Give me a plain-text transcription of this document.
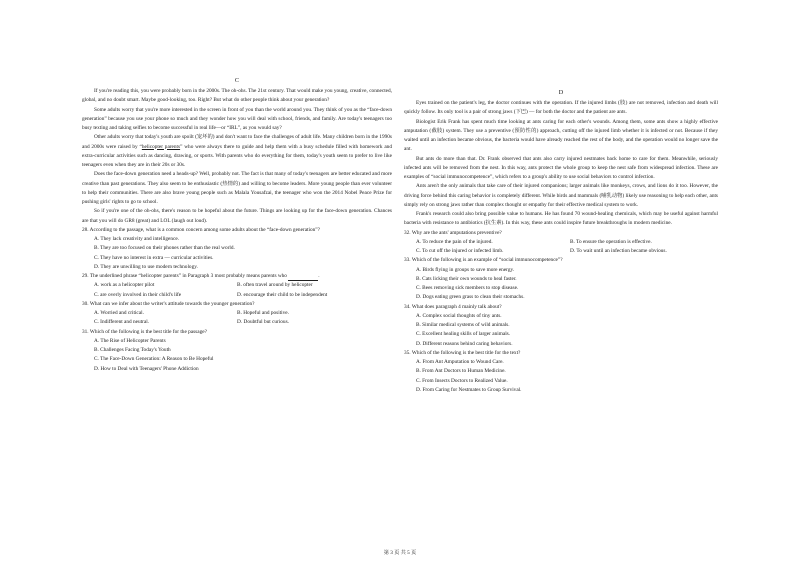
C

If you're reading this, you were probably born in the 2000s. The oh-ohs. The 21st century. That would make you young, creative, connected, global, and no doubt smart. Maybe good-looking, too. Right? But what do other people think about your generation?

Some adults worry that you're more interested in the screen in front of you than the world around you. They think of you as the “face-down generation” because you use your phone so much and they wonder how you will deal with school, friends, and family. Are today's teenagers too busy texting and taking selfies to become successful in real life—or “IRL”, as you would say?

Other adults worry that today's youth are spoilt (宠坏的) and don't want to face the challenges of adult life. Many children born in the 1990s and 2000s were raised by “helicopter parents” who were always there to guide and help them with a busy schedule filled with homework and extra-curricular activities such as dancing, drawing, or sports. With parents who do everything for them, today's youth seem to prefer to live like teenagers even when they are in their 20s or 30s.

Does the face-down generation need a heads-up? Well, probably not. The fact is that many of today's teenagers are better educated and more creative than past generations. They also seem to be enthusiastic (热情的) and willing to become leaders. More young people than ever volunteer to help their communities. There are also brave young people such as Malala Yousafzai, the teenager who won the 2014 Nobel Peace Prize for pushing girls' rights to go to school.

So if you're one of the oh-ohs, there's reason to be hopeful about the future. Things are looking up for the face-down generation. Chances are that you will do GR8 (great) and LOL (laugh out loud).

28. According to the passage, what is a common concern among some adults about the “face-down generation”?
A. They lack creativity and intelligence.
B. They are too focused on their phones rather than the real world.
C. They have no interest in extra — curricular activities.
D. They are unwilling to use modern technology.
29. The underlined phrase “helicopter parents” in Paragraph 3 most probably means parents who	.
A. work as a helicopter pilot	B. often travel around by helicopter
C. are overly involved in their child's life	D. encourage their child to be independent
30. What can we infer about the writer's attitude towards the younger generation?
A. Worried and critical.	B. Hopeful and positive.
C. Indifferent and neutral.	D. Doubtful but curious.
31. Which of the following is the best title for the passage?
A. The Rise of Helicopter Parents
B. Challenges Facing Today's Youth
C. The Face-Down Generation: A Reason to Be Hopeful
D. How to Deal with Teenagers' Phone Addiction
D

Eyes trained on the patient's leg, the doctor continues with the operation. If the injured limbs (肢) are not removed, infection and death will quickly follow. Its only tool is a pair of strong jaws (下巴) — for both the doctor and the patient are ants.

Biologist Erik Frank has spent much time looking at ants caring for each other's wounds. Among them, some ants show a highly effective amputation (截肢) system. They use a preventive (预防性的) approach, cutting off the injured limb whether it is infected or not. Because if they waited until an infection became obvious, the bacteria would have already reached the rest of the body, and the operation would no longer save the ant.

But ants do more than that. Dr. Frank observed that ants also carry injured nestmates back home to care for them. Meanwhile, seriously infected ants will be removed from the nest. In this way, ants protect the whole group to keep the nest safe from widespread infection. These are examples of “social immunocompetence”, which refers to a group's ability to use social behaviors to control infection.

Ants aren't the only animals that take care of their injured companions; larger animals like monkeys, crows, and lions do it too. However, the driving force behind this caring behavior is completely different. While birds and mammals (哺乳动物) likely use reasoning to help each other, ants simply rely on strong jaws rather than complex thought or empathy for their effective medical system to work.

Frank's research could also bring possible value to humans. He has found 70 wound-healing chemicals, which may be useful against harmful bacteria with resistance to antibiotics (抗生素). In this way, these ants could inspire future breakthroughs in modern medicine.

32. Why are the ants' amputations preventive?
A. To reduce the pain of the injured.	B. To ensure the operation is effective.
C. To cut off the injured or infected limb.	D. To wait until an infection became obvious.
33. Which of the following is an example of “social immunocompetence”?
A. Birds flying in groups to save more energy.
B. Cats licking their own wounds to heal faster.
C. Bees removing sick members to stop disease.
D. Dogs eating green grass to clean their stomachs.
34. What does paragraph 4 mainly talk about?
A. Complex social thoughts of tiny ants.
B. Similar medical systems of wild animals.
C. Excellent healing skills of larger animals.
D. Different reasons behind caring behaviors.
35. Which of the following is the best title for the text?
A. From Ant Amputation to Wound Care.
B. From Ant Doctors to Human Medicine.
C. From Insects Doctors to Realized Value.
D. From Caring for Nestmates to Group Survival.
第 3 页 共 5 页
